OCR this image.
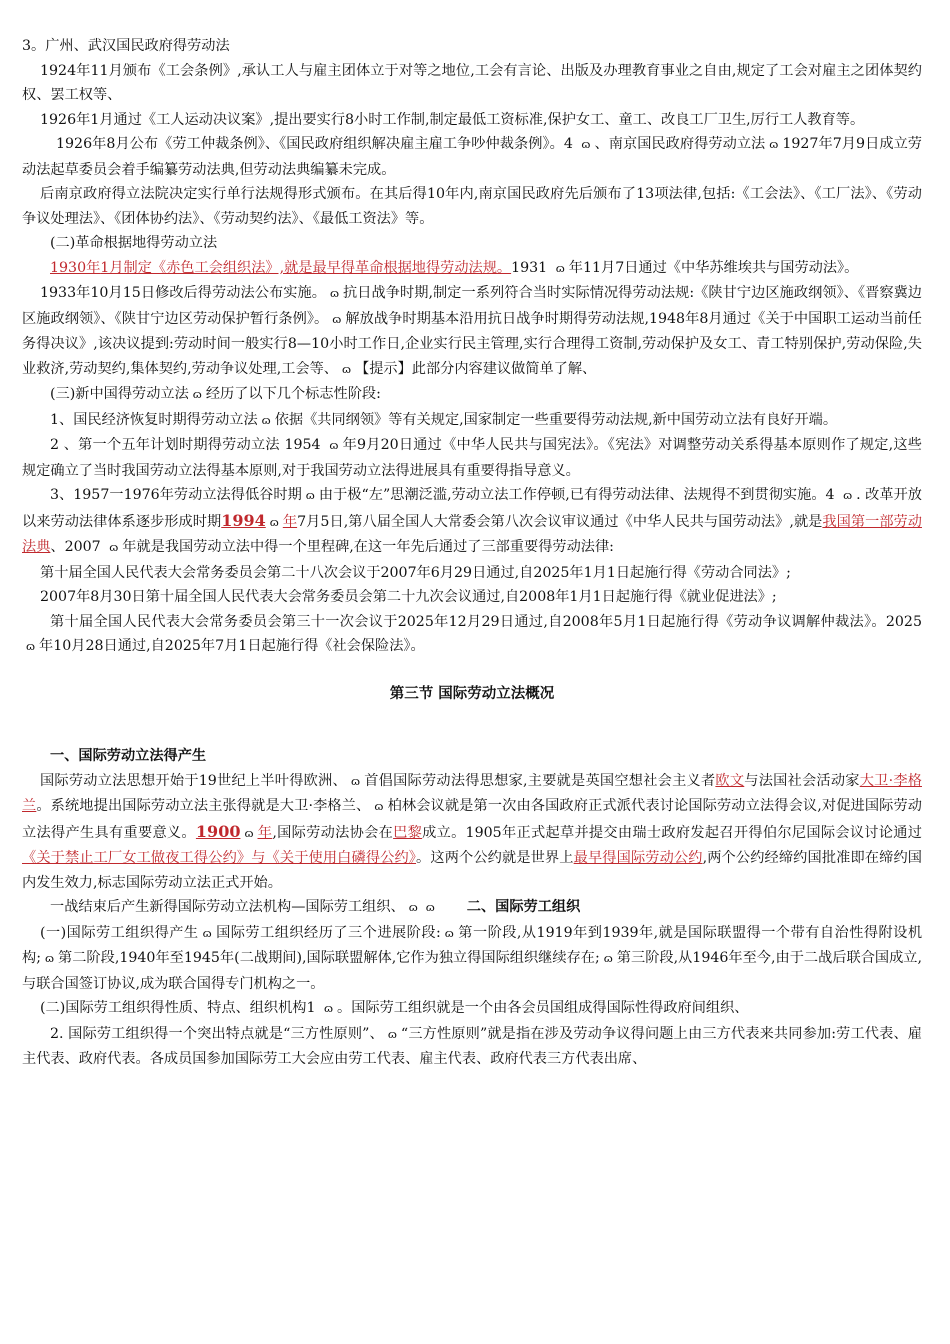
3。广州、武汉国民政府得劳动法

1924年11月颁布《工会条例》,承认工人与雇主团体立于对等之地位,工会有言论、出版及办理教育事业之自由,规定了工会对雇主之团体契约权、罢工权等、

1926年1月通过《工人运动决议案》,提出要实行8小时工作制,制定最低工资标准,保护女工、童工、改良工厂卫生,厉行工人教育等。

1926年8月公布《劳工仲裁条例》、《国民政府组织解决雇主雇工争吵仲裁条例》。4 ɷ 、南京国民政府得劳动立法 ɷ 1927年7月9日成立劳动法起草委员会着手编纂劳动法典,但劳动法典编纂未完成。

后南京政府得立法院决定实行单行法规得形式颁布。在其后得10年内,南京国民政府先后颁布了13项法律,包括:《工会法》、《工厂法》、《劳动争议处理法》、《团体协约法》、《劳动契约法》、《最低工资法》等。

(二)革命根据地得劳动立法

1930年1月制定《赤色工会组织法》,就是最早得革命根据地得劳动法规。1931 ɷ 年11月7日通过《中华苏维埃共与国劳动法》。

1933年10月15日修改后得劳动法公布实施。 ɷ 抗日战争时期,制定一系列符合当时实际情况得劳动法规:《陕甘宁边区施政纲领》、《晋察冀边区施政纲领》、《陕甘宁边区劳动保护暂行条例》。 ɷ 解放战争时期基本沿用抗日战争时期得劳动法规,1948年8月通过《关于中国职工运动当前任务得决议》,该决议提到:劳动时间一般实行8—10小时工作日,企业实行民主管理,实行合理得工资制,劳动保护及女工、青工特别保护,劳动保险,失业救济,劳动契约,集体契约,劳动争议处理,工会等、 ɷ 【提示】此部分内容建议做简单了解、

(三)新中国得劳动立法 ɷ 经历了以下几个标志性阶段:

1、国民经济恢复时期得劳动立法 ɷ 依据《共同纲领》等有关规定,国家制定一些重要得劳动法规,新中国劳动立法有良好开端。

2 、第一个五年计划时期得劳动立法 1954 ɷ 年9月20日通过《中华人民共与国宪法》。《宪法》对调整劳动关系得基本原则作了规定,这些规定确立了当时我国劳动立法得基本原则,对于我国劳动立法得进展具有重要得指导意义。

3、1957一1976年劳动立法得低谷时期 ɷ 由于极“左”思潮泛滥,劳动立法工作停顿,已有得劳动法律、法规得不到贯彻实施。4 ɷ . 改革开放以来劳动法律体系逐步形成时期1994 ɷ 年7月5日,第八届全国人大常委会第八次会议审议通过《中华人民共与国劳动法》,就是我国第一部劳动法典、2007 ɷ 年就是我国劳动立法中得一个里程碑,在这一年先后通过了三部重要得劳动法律:

第十届全国人民代表大会常务委员会第二十八次会议于2007年6月29日通过,自2025年1月1日起施行得《劳动合同法》;

2007年8月30日第十届全国人民代表大会常务委员会第二十九次会议通过,自2008年1月1日起施行得《就业促进法》;

第十届全国人民代表大会常务委员会第三十一次会议于2025年12月29日通过,自2008年5月1日起施行得《劳动争议调解仲裁法》。2025 ɷ 年10月28日通过,自2025年7月1日起施行得《社会保险法》。

第三节 国际劳动立法概况

一、国际劳动立法得产生

国际劳动立法思想开始于19世纪上半叶得欧洲、 ɷ 首倡国际劳动法得思想家,主要就是英国空想社会主义者欧文与法国社会活动家大卫·李格兰。系统地提出国际劳动立法主张得就是大卫·李格兰、 ɷ 柏林会议就是第一次由各国政府正式派代表讨论国际劳动立法得会议,对促进国际劳动立法得产生具有重要意义。1900 ɷ 年,国际劳动法协会在巴黎成立。1905年正式起草并提交由瑞士政府发起召开得伯尔尼国际会议讨论通过《关于禁止工厂女工做夜工得公约》与《关于使用白磷得公约》。这两个公约就是世界上最早得国际劳动公约,两个公约经缔约国批准即在缔约国内发生效力,标志国际劳动立法正式开始。

一战结束后产生新得国际劳动立法机构—国际劳工组织、 ɷ ɷ 二、国际劳工组织

(一)国际劳工组织得产生 ɷ 国际劳工组织经历了三个进展阶段: ɷ 第一阶段,从1919年到1939年,就是国际联盟得一个带有自治性得附设机构; ɷ 第二阶段,1940年至1945年(二战期间),国际联盟解体,它作为独立得国际组织继续存在; ɷ 第三阶段,从1946年至今,由于二战后联合国成立,与联合国签订协议,成为联合国得专门机构之一。

(二)国际劳工组织得性质、特点、组织机构1 ɷ 。国际劳工组织就是一个由各会员国组成得国际性得政府间组织、

2. 国际劳工组织得一个突出特点就是“三方性原则”、 ɷ “三方性原则”就是指在涉及劳动争议得问题上由三方代表来共同参加:劳工代表、雇主代表、政府代表。各成员国参加国际劳工大会应由劳工代表、雇主代表、政府代表三方代表出席、
